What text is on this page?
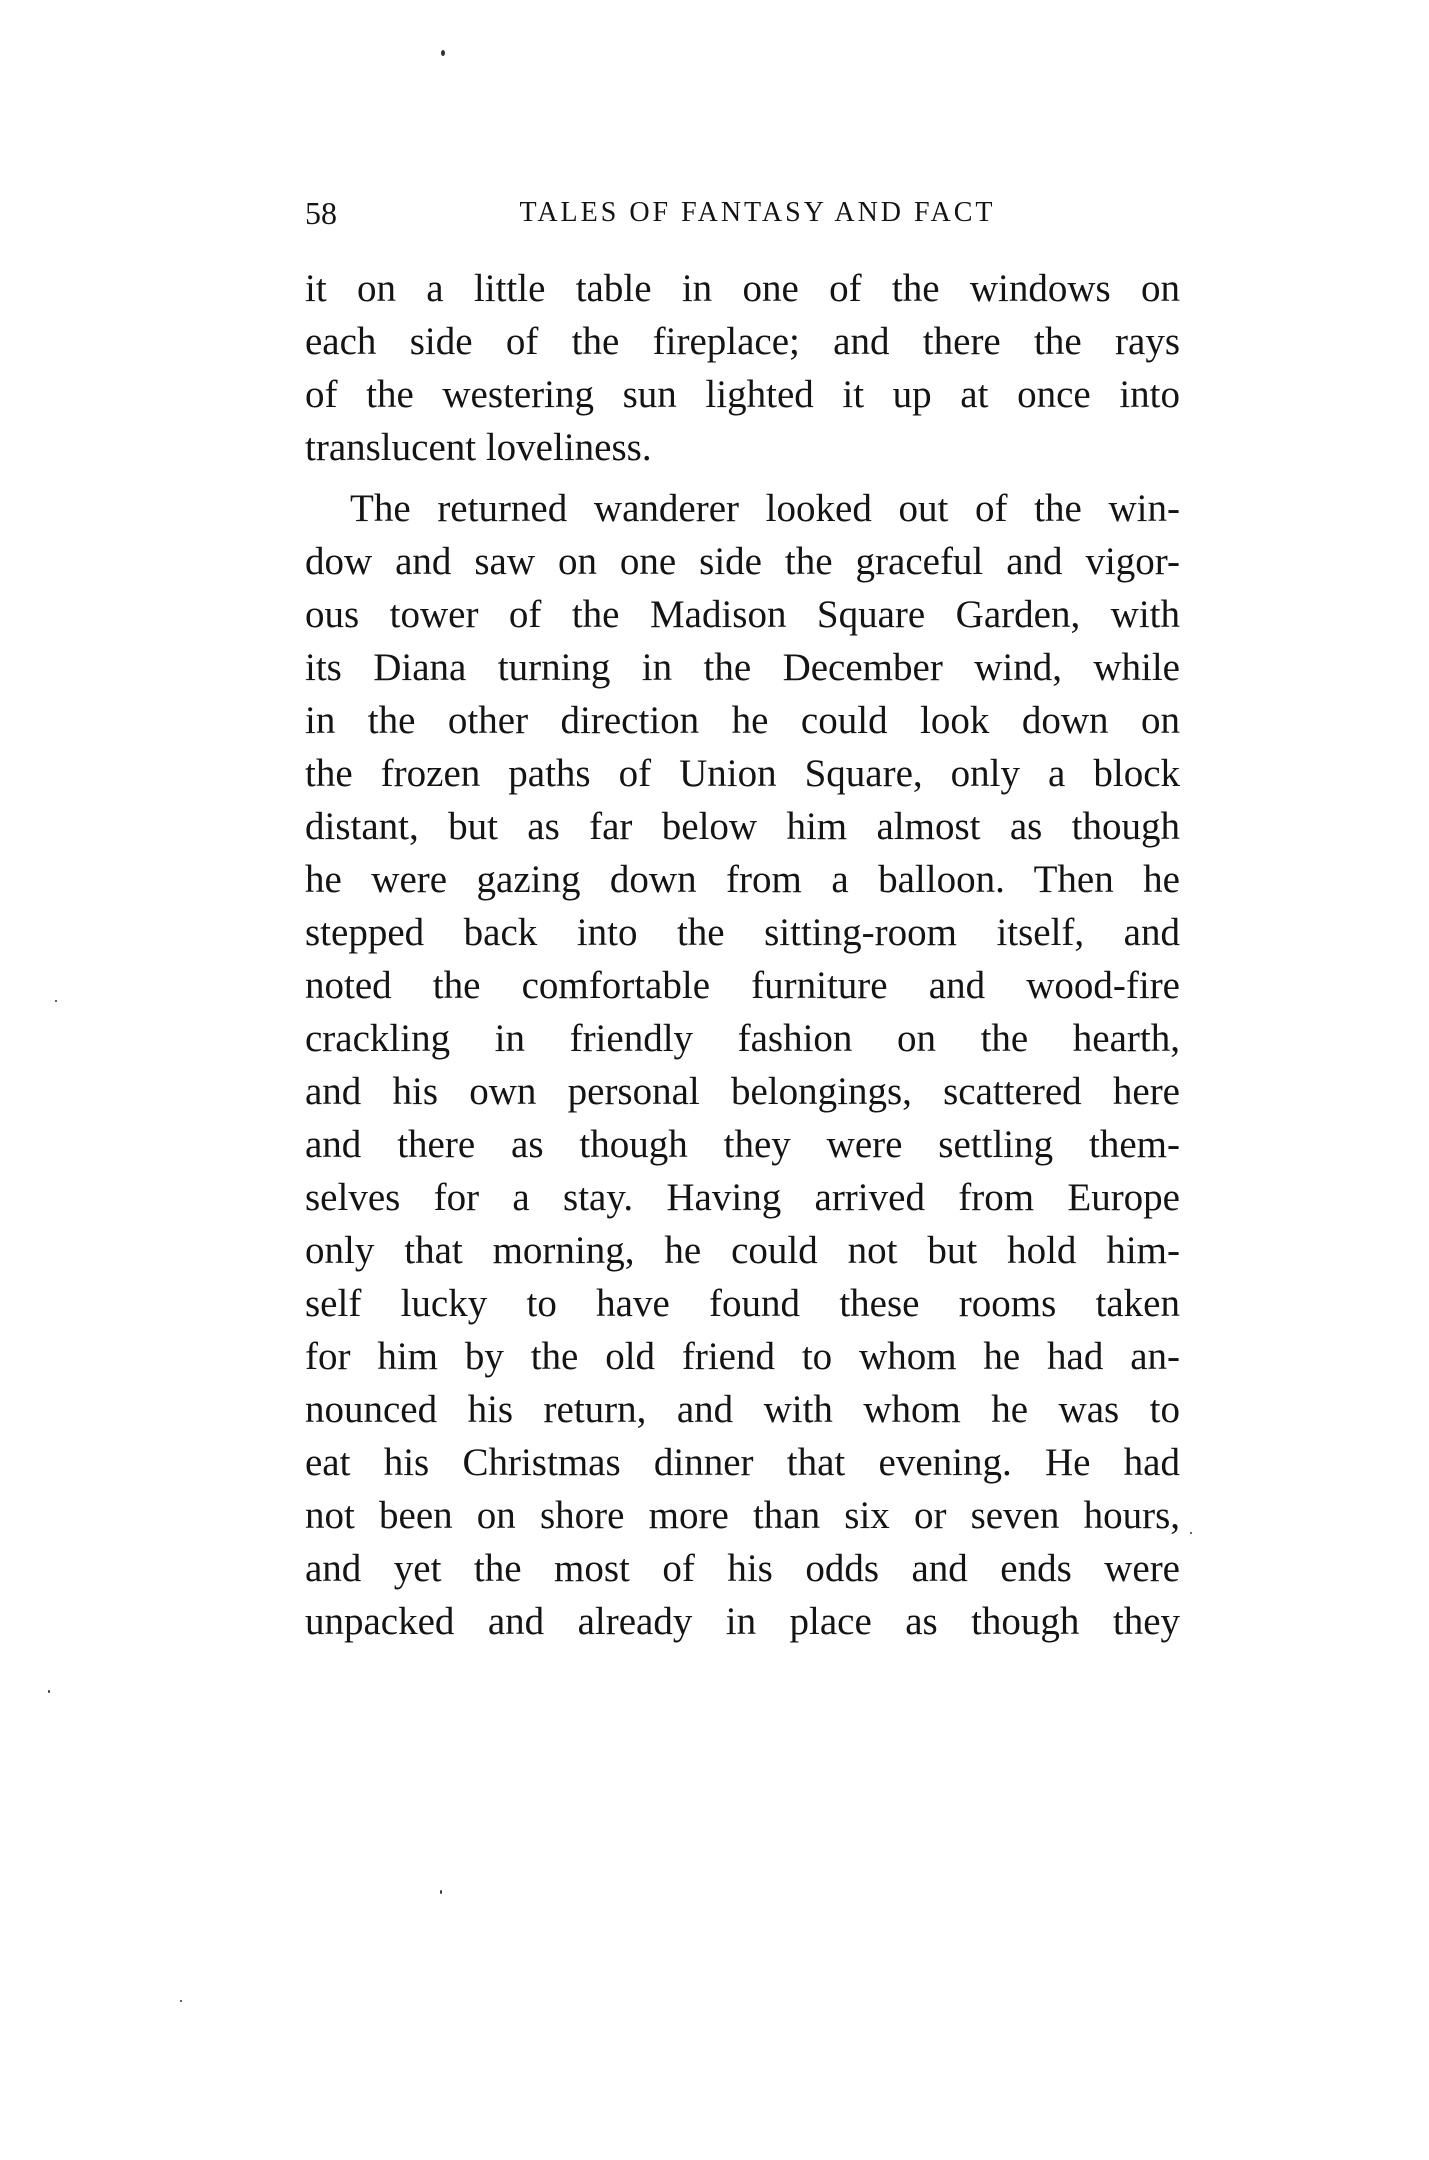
58	TALES OF FANTASY AND FACT
it on a little table in one of the windows on
each side of the fireplace; and there the rays
of the westering sun lighted it up at once into
translucent loveliness.
The returned wanderer looked out of the win-
dow and saw on one side the graceful and vigor-
ous tower of the Madison Square Garden, with
its Diana turning in the December wind, while
in the other direction he could look down on
the frozen paths of Union Square, only a block
distant, but as far below him almost as though
he were gazing down from a balloon. Then he
stepped back into the sitting-room itself, and
noted the comfortable furniture and wood-fire
crackling in friendly fashion on the hearth,
and his own personal belongings, scattered here
and there as though they were settling them-
selves for a stay. Having arrived from Europe
only that morning, he could not but hold him-
self lucky to have found these rooms taken
for him by the old friend to whom he had an-
nounced his return, and with whom he was to
eat his Christmas dinner that evening. He had
not been on shore more than six or seven hours,
and yet the most of his odds and ends were
unpacked and already in place as though they
